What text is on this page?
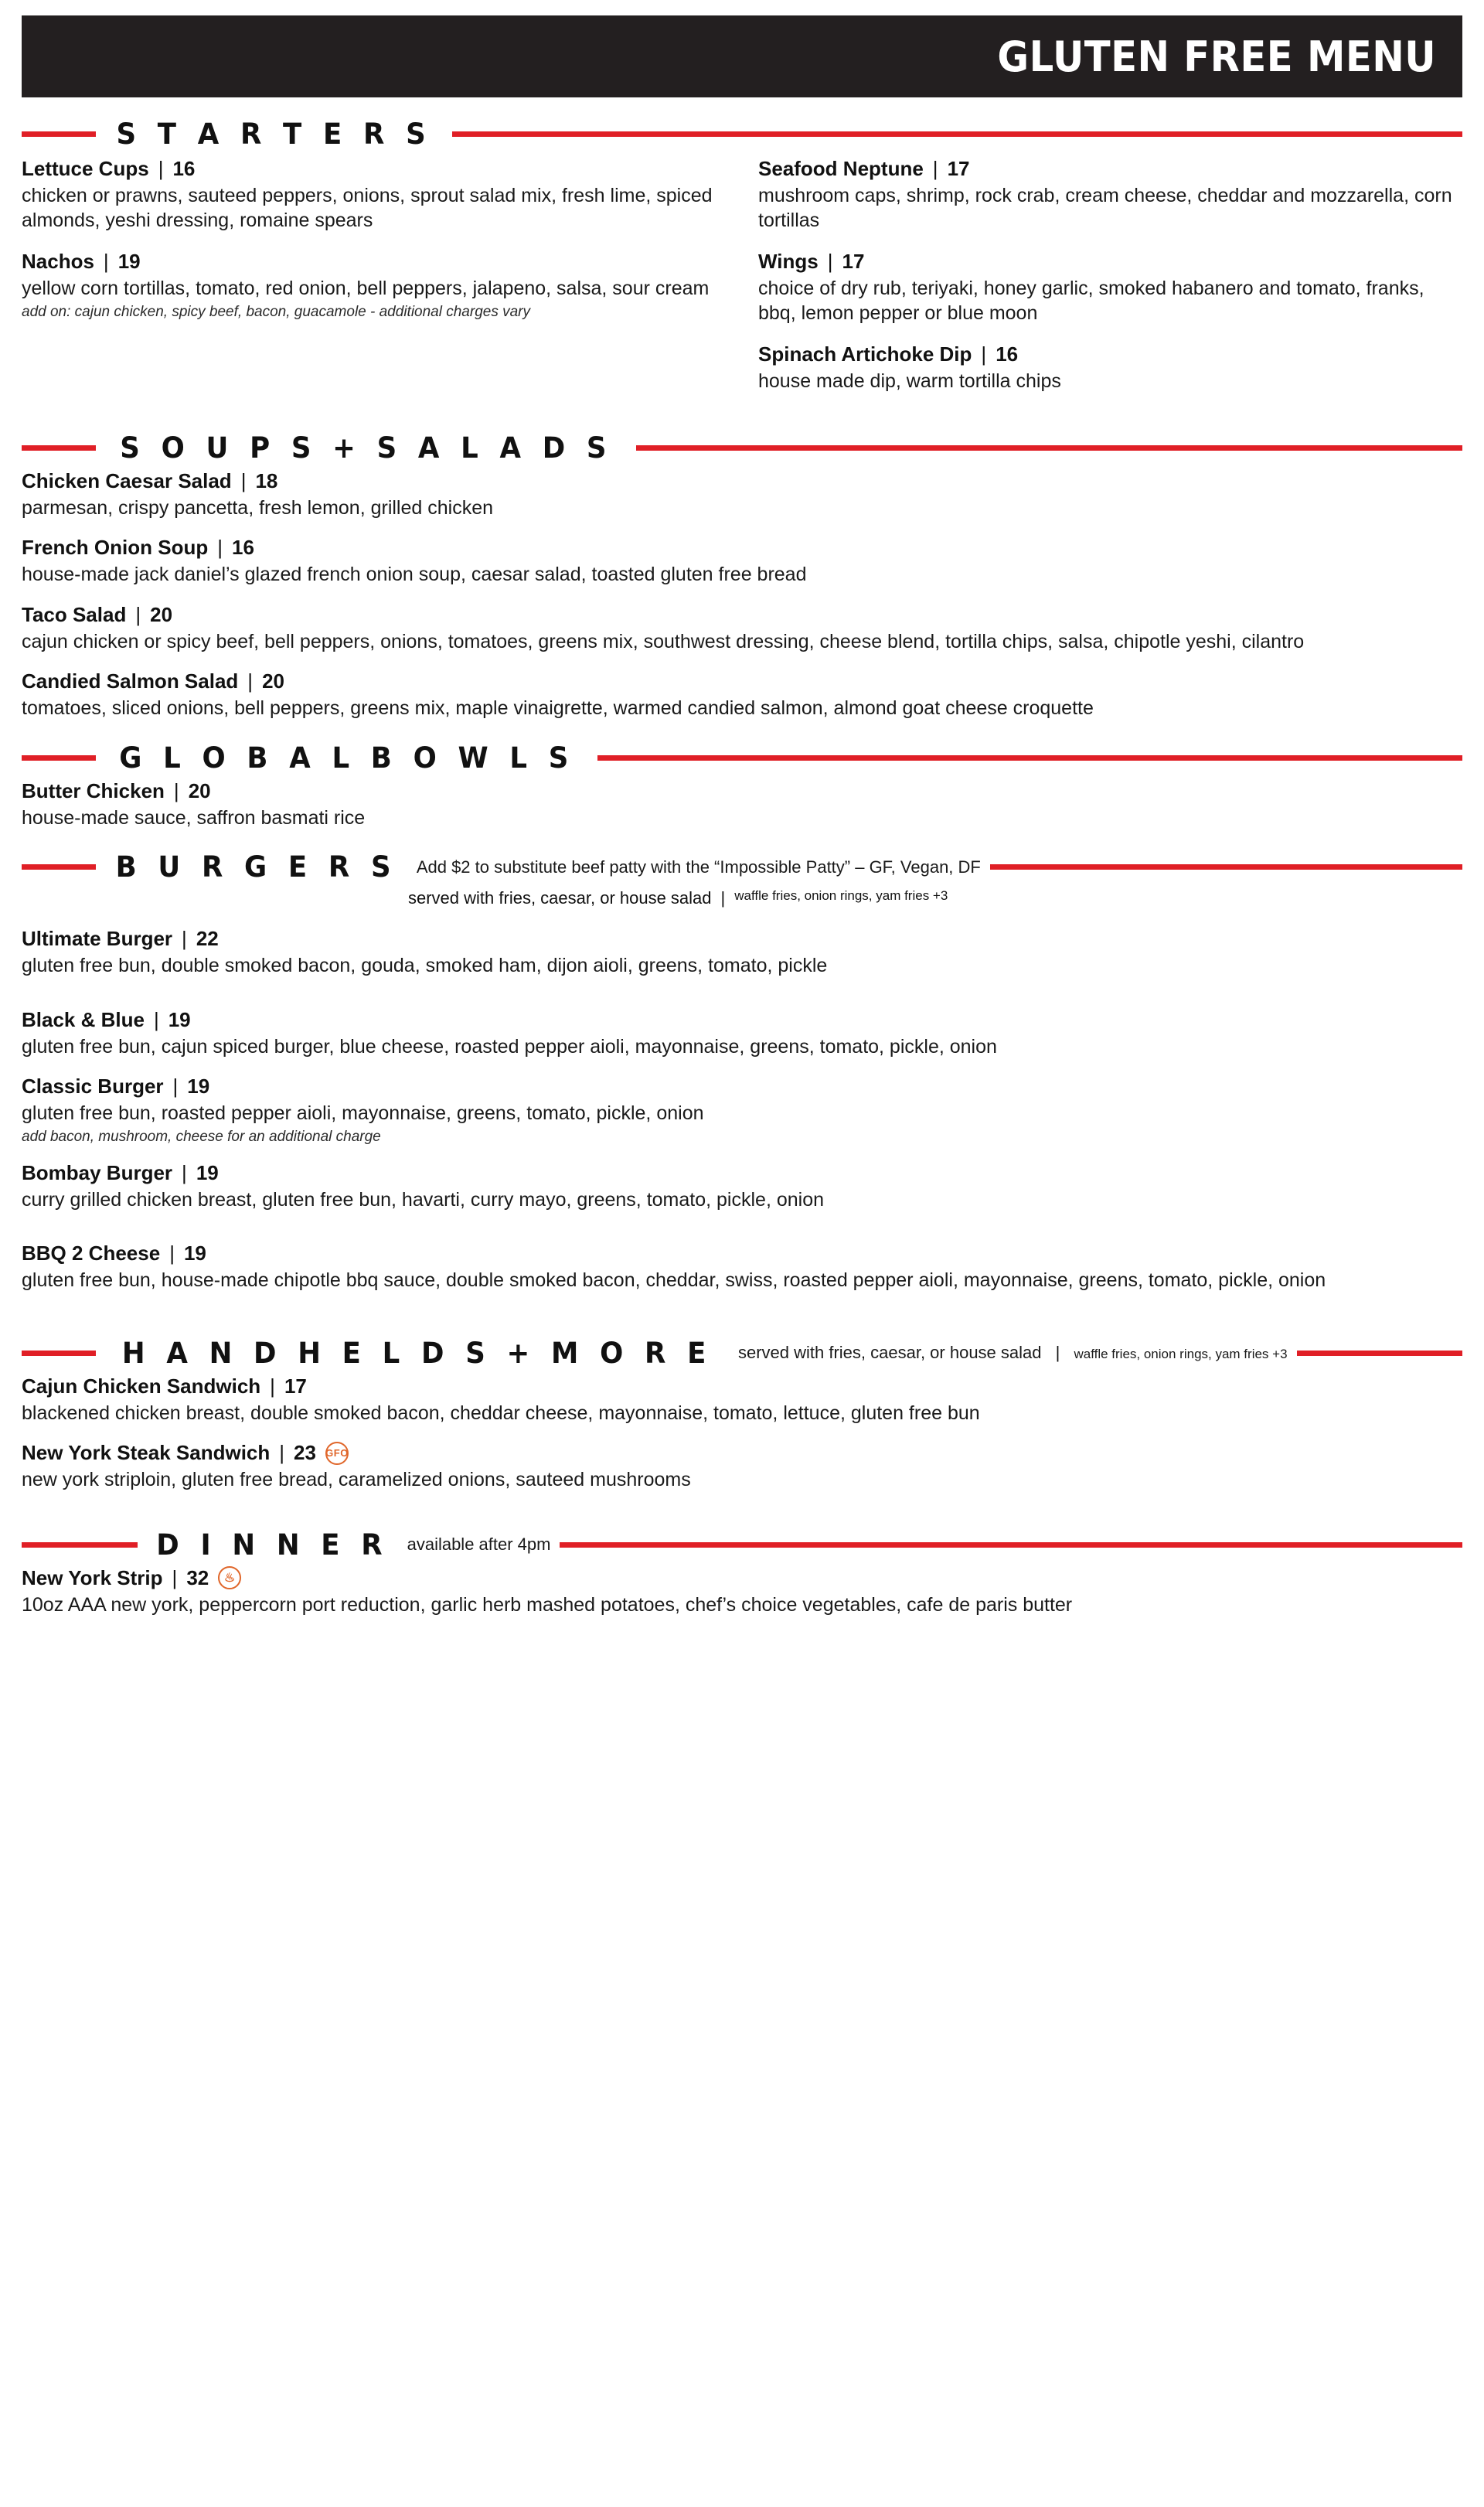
GLUTEN FREE MENU
S T A R T E R S
Lettuce Cups | 16
chicken or prawns, sauteed peppers, onions, sprout salad mix, fresh lime, spiced almonds, yeshi dressing, romaine spears
Nachos | 19
yellow corn tortillas, tomato, red onion, bell peppers, jalapeno, salsa, sour cream
add on: cajun chicken, spicy beef, bacon, guacamole - additional charges vary
Seafood Neptune | 17
mushroom caps, shrimp, rock crab, cream cheese, cheddar and mozzarella, corn tortillas
Wings | 17
choice of dry rub, teriyaki, honey garlic, smoked habanero and tomato, franks, bbq, lemon pepper or blue moon
Spinach Artichoke Dip | 16
house made dip, warm tortilla chips
S O U P S + S A L A D S
Chicken Caesar Salad | 18
parmesan, crispy pancetta, fresh lemon, grilled chicken
French Onion Soup | 16
house-made jack daniel’s glazed french onion soup, caesar salad, toasted gluten free bread
Taco Salad | 20
cajun chicken or spicy beef, bell peppers, onions, tomatoes, greens mix, southwest dressing, cheese blend, tortilla chips, salsa, chipotle yeshi, cilantro
Candied Salmon Salad | 20
tomatoes, sliced onions, bell peppers, greens mix, maple vinaigrette, warmed candied salmon, almond goat cheese croquette
G L O B A L B O W L S
Butter Chicken | 20
house-made sauce, saffron basmati rice
B U R G E R S	Add $2 to substitute beef patty with the “Impossible Patty” – GF, Vegan, DF
served with fries, caesar, or house salad | waffle fries, onion rings, yam fries +3
Ultimate Burger | 22
gluten free bun, double smoked bacon, gouda, smoked ham, dijon aioli, greens, tomato, pickle
Black & Blue | 19
gluten free bun, cajun spiced burger, blue cheese, roasted pepper aioli, mayonnaise, greens, tomato, pickle, onion
Classic Burger | 19
gluten free bun, roasted pepper aioli, mayonnaise, greens, tomato, pickle, onion
add bacon, mushroom, cheese for an additional charge
Bombay Burger | 19
curry grilled chicken breast, gluten free bun, havarti, curry mayo, greens, tomato, pickle, onion
BBQ 2 Cheese | 19
gluten free bun, house-made chipotle bbq sauce, double smoked bacon, cheddar, swiss, roasted pepper aioli, mayonnaise, greens, tomato, pickle, onion
H A N D H E L D S + M O R E	served with fries, caesar, or house salad | waffle fries, onion rings, yam fries +3
Cajun Chicken Sandwich | 17
blackened chicken breast, double smoked bacon, cheddar cheese, mayonnaise, tomato, lettuce, gluten free bun
New York Steak Sandwich | 23 GFO
new york striploin, gluten free bread, caramelized onions, sauteed mushrooms
D I N N E R	available after 4pm
New York Strip | 32	♨
10oz AAA new york, peppercorn port reduction, garlic herb mashed potatoes, chef’s choice vegetables, cafe de paris butter
